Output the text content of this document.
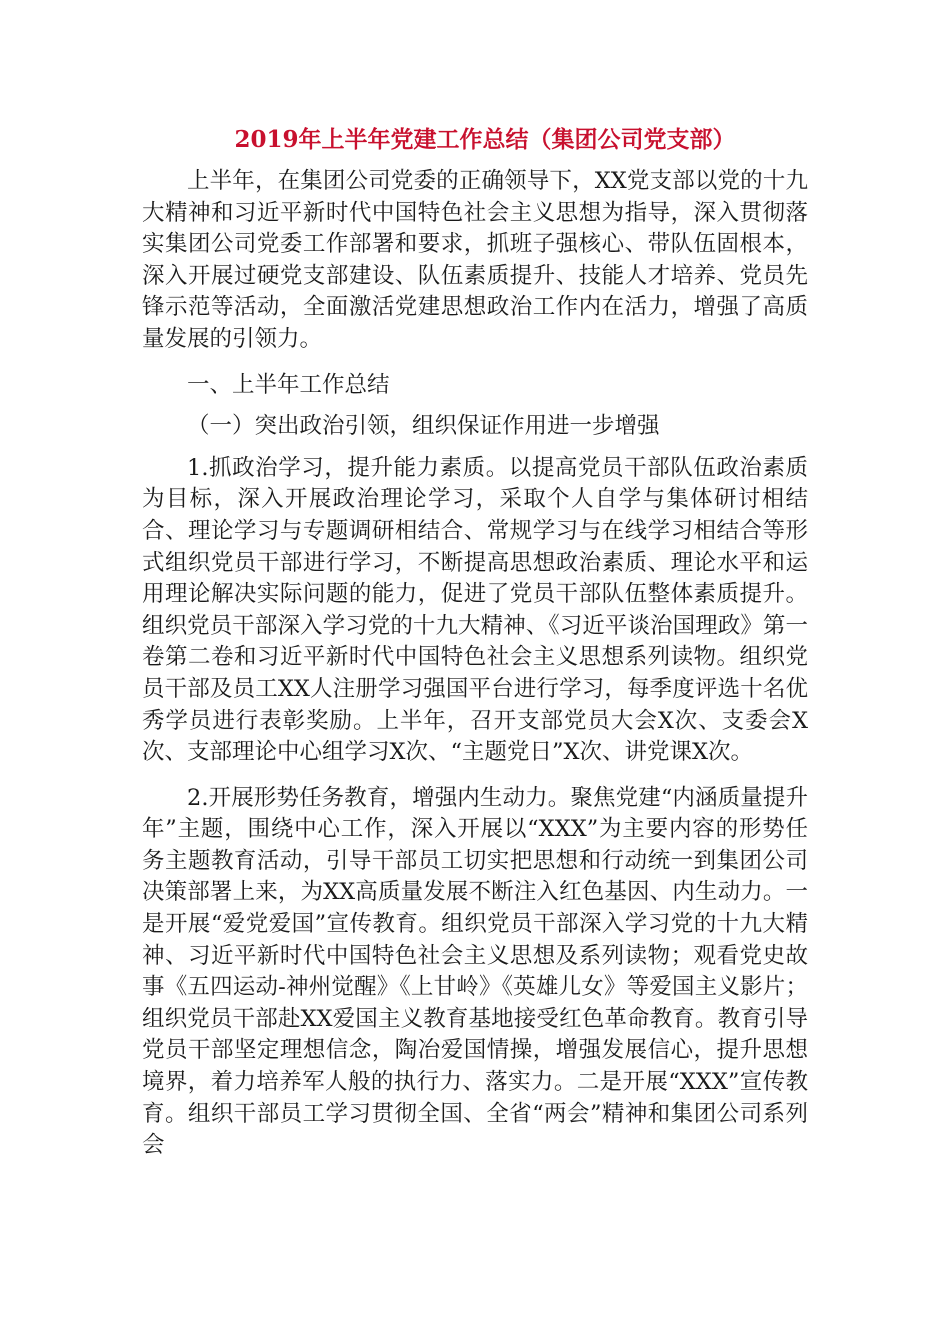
2019年上半年党建工作总结（集团公司党支部）

上半年，在集团公司党委的正确领导下，XX党支部以党的十九大精神和习近平新时代中国特色社会主义思想为指导，深入贯彻落实集团公司党委工作部署和要求，抓班子强核心、带队伍固根本，深入开展过硬党支部建设、队伍素质提升、技能人才培养、党员先锋示范等活动，全面激活党建思想政治工作内在活力，增强了高质量发展的引领力。

一、上半年工作总结

（一）突出政治引领，组织保证作用进一步增强

1.抓政治学习，提升能力素质。以提高党员干部队伍政治素质为目标，深入开展政治理论学习，采取个人自学与集体研讨相结合、理论学习与专题调研相结合、常规学习与在线学习相结合等形式组织党员干部进行学习，不断提高思想政治素质、理论水平和运用理论解决实际问题的能力，促进了党员干部队伍整体素质提升。组织党员干部深入学习党的十九大精神、《习近平谈治国理政》第一卷第二卷和习近平新时代中国特色社会主义思想系列读物。组织党员干部及员工XX人注册学习强国平台进行学习，每季度评选十名优秀学员进行表彰奖励。上半年，召开支部党员大会X次、支委会X次、支部理论中心组学习X次、“主题党日”X次、讲党课X次。

2.开展形势任务教育，增强内生动力。聚焦党建“内涵质量提升年”主题，围绕中心工作，深入开展以“XXX”为主要内容的形势任务主题教育活动，引导干部员工切实把思想和行动统一到集团公司决策部署上来，为XX高质量发展不断注入红色基因、内生动力。一是开展“爱党爱国”宣传教育。组织党员干部深入学习党的十九大精神、习近平新时代中国特色社会主义思想及系列读物；观看党史故事《五四运动-神州觉醒》《上甘岭》《英雄儿女》等爱国主义影片；组织党员干部赴XX爱国主义教育基地接受红色革命教育。教育引导党员干部坚定理想信念，陶冶爱国情操，增强发展信心，提升思想境界，着力培养军人般的执行力、落实力。二是开展“XXX”宣传教育。组织干部员工学习贯彻全国、全省“两会”精神和集团公司系列会
